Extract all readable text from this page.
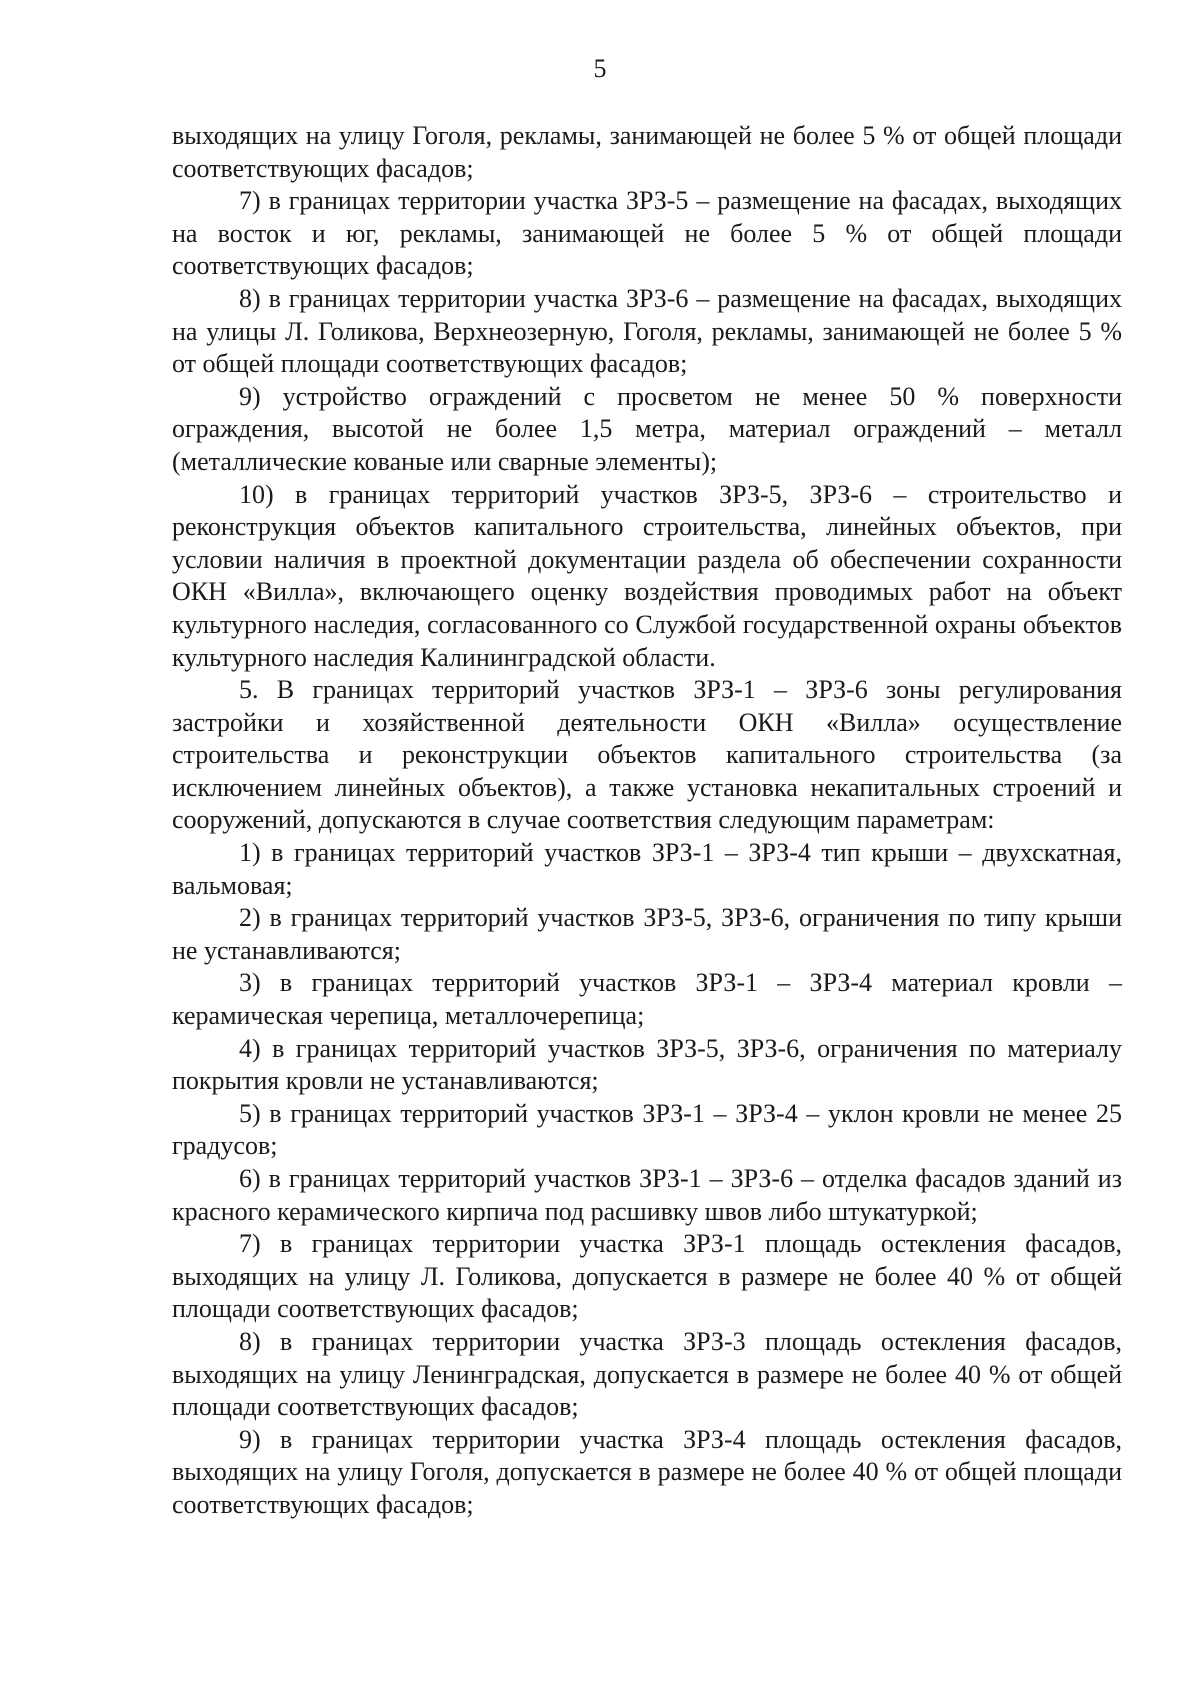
5

выходящих на улицу Гоголя, рекламы, занимающей не более 5 % от общей площади соответствующих фасадов;

7) в границах территории участка ЗРЗ-5 – размещение на фасадах, выходящих на восток и юг, рекламы, занимающей не более 5 % от общей площади соответствующих фасадов;

8) в границах территории участка ЗРЗ-6 – размещение на фасадах, выходящих на улицы Л. Голикова, Верхнеозерную, Гоголя, рекламы, занимающей не более 5 % от общей площади соответствующих фасадов;

9) устройство ограждений с просветом не менее 50 % поверхности ограждения, высотой не более 1,5 метра, материал ограждений – металл (металлические кованые или сварные элементы);

10) в границах территорий участков ЗРЗ-5, ЗРЗ-6 – строительство и реконструкция объектов капитального строительства, линейных объектов, при условии наличия в проектной документации раздела об обеспечении сохранности ОКН «Вилла», включающего оценку воздействия проводимых работ на объект культурного наследия, согласованного со Службой государственной охраны объектов культурного наследия Калининградской области.

5. В границах территорий участков ЗРЗ-1 – ЗРЗ-6 зоны регулирования застройки и хозяйственной деятельности ОКН «Вилла» осуществление строительства и реконструкции объектов капитального строительства (за исключением линейных объектов), а также установка некапитальных строений и сооружений, допускаются в случае соответствия следующим параметрам:

1) в границах территорий участков ЗРЗ-1 – ЗРЗ-4 тип крыши – двухскатная, вальмовая;

2) в границах территорий участков ЗРЗ-5, ЗРЗ-6, ограничения по типу крыши не устанавливаются;

3) в границах территорий участков ЗРЗ-1 – ЗРЗ-4 материал кровли – керамическая черепица, металлочерепица;

4) в границах территорий участков ЗРЗ-5, ЗРЗ-6, ограничения по материалу покрытия кровли не устанавливаются;

5) в границах территорий участков ЗРЗ-1 – ЗРЗ-4 – уклон кровли не менее 25 градусов;

6) в границах территорий участков ЗРЗ-1 – ЗРЗ-6 – отделка фасадов зданий из красного керамического кирпича под расшивку швов либо штукатуркой;

7) в границах территории участка ЗРЗ-1 площадь остекления фасадов, выходящих на улицу Л. Голикова, допускается в размере не более 40 % от общей площади соответствующих фасадов;

8) в границах территории участка ЗРЗ-3 площадь остекления фасадов, выходящих на улицу Ленинградская, допускается в размере не более 40 % от общей площади соответствующих фасадов;

9) в границах территории участка ЗРЗ-4 площадь остекления фасадов, выходящих на улицу Гоголя, допускается в размере не более 40 % от общей площади соответствующих фасадов;
